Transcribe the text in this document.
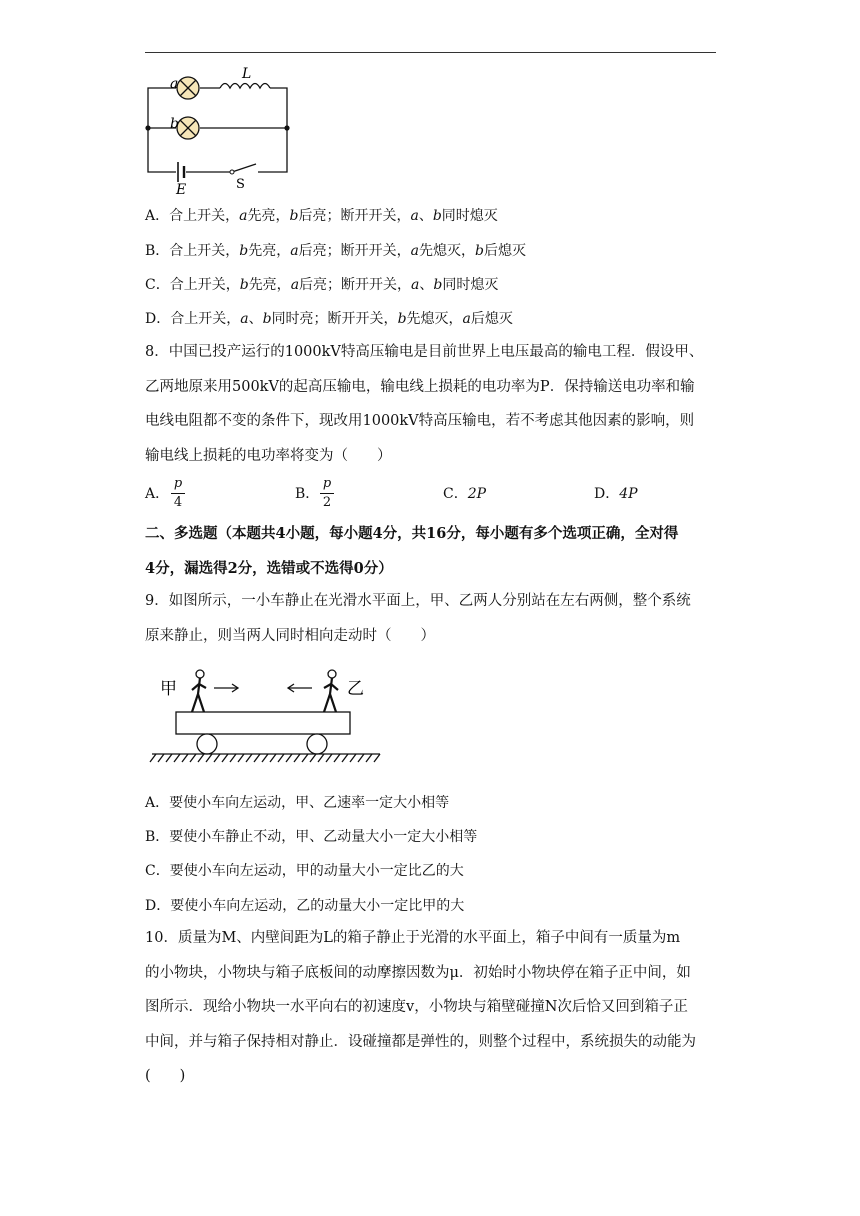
a
b
L
E	S
A．合上开关，a先亮，b后亮；断开开关，a、b同时熄灭
B．合上开关，b先亮，a后亮；断开开关，a先熄灭，b后熄灭
C．合上开关，b先亮，a后亮；断开开关，a、b同时熄灭
D．合上开关，a、b同时亮；断开开关，b先熄灭，a后熄灭
8．中国已投产运行的1000kV特高压输电是目前世界上电压最高的输电工程．假设甲、
乙两地原来用500kV的起高压输电，输电线上损耗的电功率为P．保持输送电功率和输
电线电阻都不变的条件下，现改用1000kV特高压输电，若不考虑其他因素的影响，则
输电线上损耗的电功率将变为（　　）
A．
p
4
B．
p
2
C．2P	D．4P
二、多选题（本题共4小题，每小题4分，共16分，每小题有多个选项正确，全对得
4分，漏选得2分，选错或不选得0分）
9．如图所示，一小车静止在光滑水平面上，甲、乙两人分别站在左右两侧，整个系统
原来静止，则当两人同时相向走动时（　　）
甲	乙
A．要使小车向左运动，甲、乙速率一定大小相等
B．要使小车静止不动，甲、乙动量大小一定大小相等
C．要使小车向左运动，甲的动量大小一定比乙的大
D．要使小车向左运动，乙的动量大小一定比甲的大
10．质量为M、内壁间距为L的箱子静止于光滑的水平面上，箱子中间有一质量为m
的小物块，小物块与箱子底板间的动摩擦因数为μ．初始时小物块停在箱子正中间，如
图所示．现给小物块一水平向右的初速度v，小物块与箱壁碰撞N次后恰又回到箱子正
中间，并与箱子保持相对静止．设碰撞都是弹性的，则整个过程中，系统损失的动能为
(　　)
